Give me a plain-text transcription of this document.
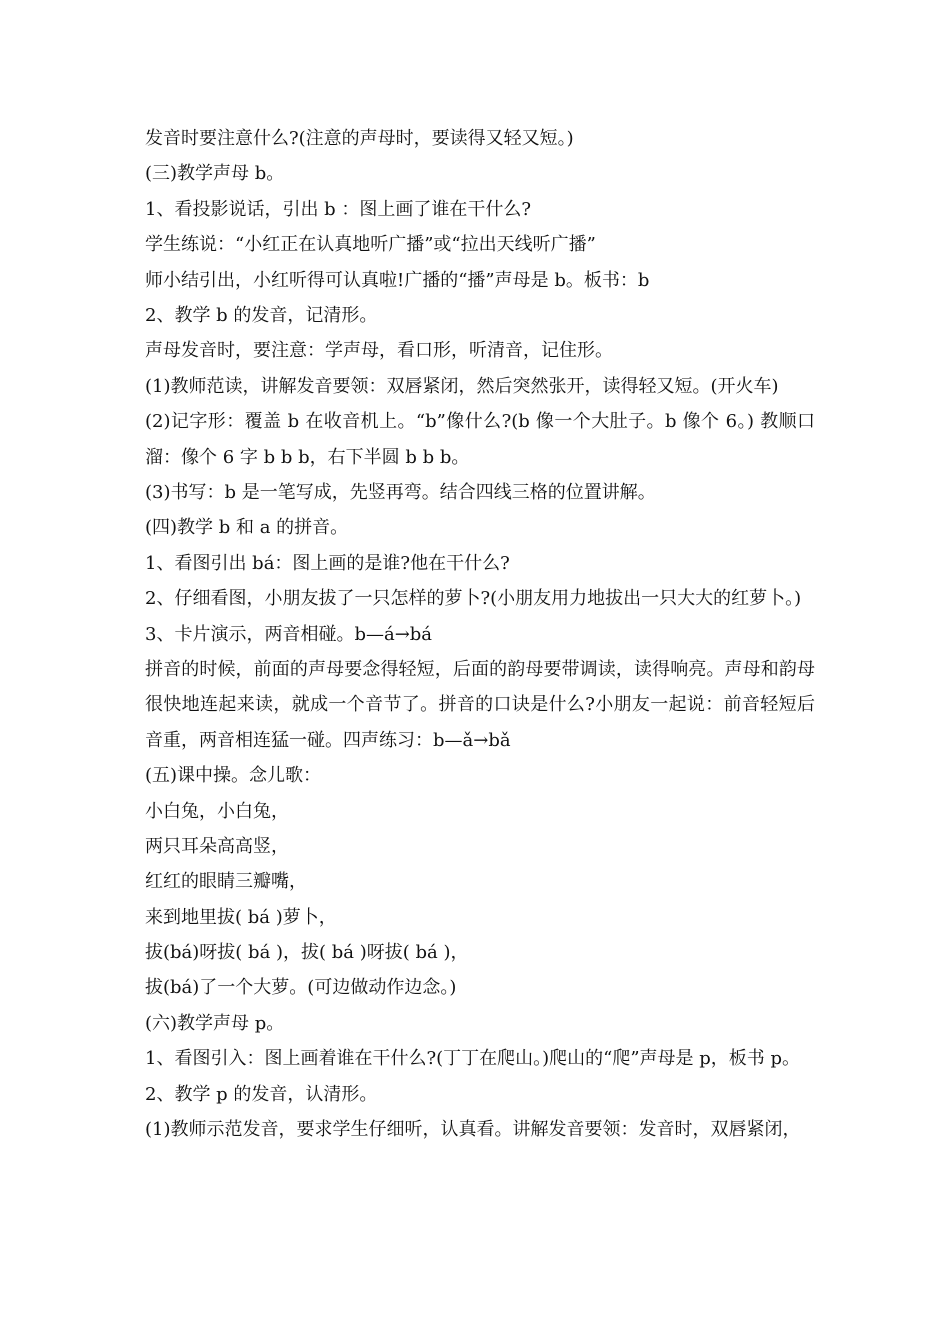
发音时要注意什么?(注意的声母时，要读得又轻又短。)

(三)教学声母 b。

1、看投影说话，引出 b ：图上画了谁在干什么?

学生练说：“小红正在认真地听广播”或“拉出天线听广播”

师小结引出，小红听得可认真啦!广播的“播”声母是 b。板书：b

2、教学 b 的发音，记清形。

声母发音时，要注意：学声母，看口形，听清音，记住形。

(1)教师范读，讲解发音要领：双唇紧闭，然后突然张开，读得轻又短。(开火车)

(2)记字形：覆盖 b 在收音机上。“b”像什么?(b 像一个大肚子。b 像个 6。) 教顺口溜：像个 6 字 b b b，右下半圆 b b b。

(3)书写：b 是一笔写成，先竖再弯。结合四线三格的位置讲解。

(四)教学 b 和 a 的拼音。

1、看图引出 bá：图上画的是谁?他在干什么?

2、仔细看图，小朋友拔了一只怎样的萝卜?(小朋友用力地拔出一只大大的红萝卜。)

3、卡片演示，两音相碰。b—á→bá

拼音的时候，前面的声母要念得轻短，后面的韵母要带调读，读得响亮。声母和韵母很快地连起来读，就成一个音节了。拼音的口诀是什么?小朋友一起说：前音轻短后音重，两音相连猛一碰。四声练习：b—ǎ→bǎ

(五)课中操。念儿歌：

小白兔，小白兔，

两只耳朵高高竖，

红红的眼睛三瓣嘴，

来到地里拔( bá )萝卜，

拔(bá)呀拔( bá )，拔( bá )呀拔( bá )，

拔(bá)了一个大萝。(可边做动作边念。)

(六)教学声母 p。

1、看图引入：图上画着谁在干什么?(丁丁在爬山。)爬山的“爬”声母是 p，板书 p。

2、教学 p 的发音，认清形。

(1)教师示范发音，要求学生仔细听，认真看。讲解发音要领：发音时，双唇紧闭，
